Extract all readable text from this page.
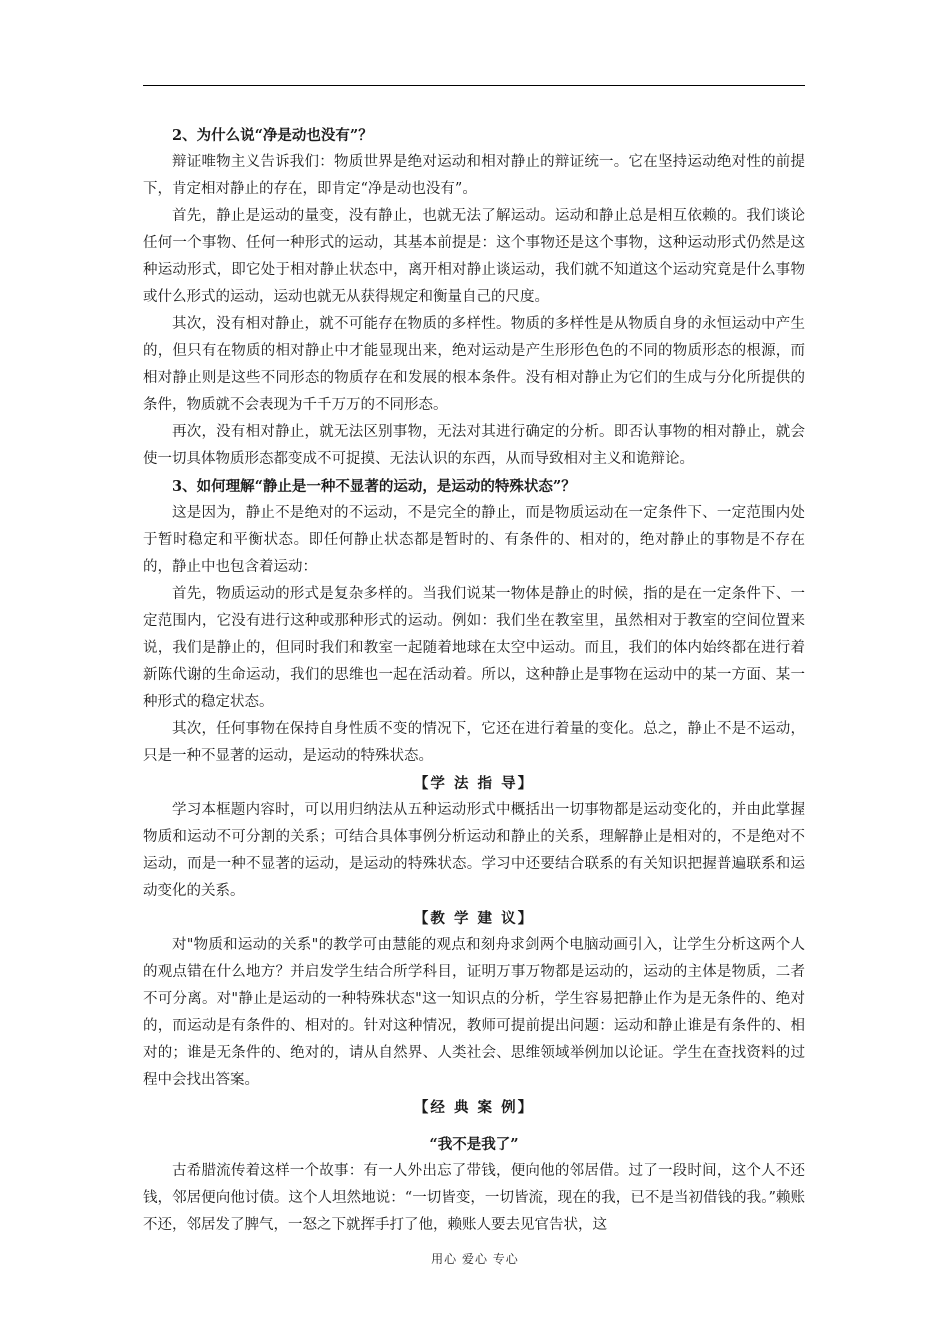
2、为什么说“净是动也没有”？

辩证唯物主义告诉我们：物质世界是绝对运动和相对静止的辩证统一。它在坚持运动绝对性的前提下，肯定相对静止的存在，即肯定“净是动也没有”。

首先，静止是运动的量变，没有静止，也就无法了解运动。运动和静止总是相互依赖的。我们谈论任何一个事物、任何一种形式的运动，其基本前提是：这个事物还是这个事物，这种运动形式仍然是这种运动形式，即它处于相对静止状态中，离开相对静止谈运动，我们就不知道这个运动究竟是什么事物或什么形式的运动，运动也就无从获得规定和衡量自己的尺度。

其次，没有相对静止，就不可能存在物质的多样性。物质的多样性是从物质自身的永恒运动中产生的，但只有在物质的相对静止中才能显现出来，绝对运动是产生形形色色的不同的物质形态的根源，而相对静止则是这些不同形态的物质存在和发展的根本条件。没有相对静止为它们的生成与分化所提供的条件，物质就不会表现为千千万万的不同形态。

再次，没有相对静止，就无法区别事物，无法对其进行确定的分析。即否认事物的相对静止，就会使一切具体物质形态都变成不可捉摸、无法认识的东西，从而导致相对主义和诡辩论。

3、如何理解“静止是一种不显著的运动，是运动的特殊状态”？

这是因为，静止不是绝对的不运动，不是完全的静止，而是物质运动在一定条件下、一定范围内处于暂时稳定和平衡状态。即任何静止状态都是暂时的、有条件的、相对的，绝对静止的事物是不存在的，静止中也包含着运动：

首先，物质运动的形式是复杂多样的。当我们说某一物体是静止的时候，指的是在一定条件下、一定范围内，它没有进行这种或那种形式的运动。例如：我们坐在教室里，虽然相对于教室的空间位置来说，我们是静止的，但同时我们和教室一起随着地球在太空中运动。而且，我们的体内始终都在进行着新陈代谢的生命运动，我们的思维也一起在活动着。所以，这种静止是事物在运动中的某一方面、某一种形式的稳定状态。

其次，任何事物在保持自身性质不变的情况下，它还在进行着量的变化。总之，静止不是不运动，只是一种不显著的运动，是运动的特殊状态。

【学 法 指 导】

学习本框题内容时，可以用归纳法从五种运动形式中概括出一切事物都是运动变化的，并由此掌握物质和运动不可分割的关系；可结合具体事例分析运动和静止的关系，理解静止是相对的，不是绝对不运动，而是一种不显著的运动，是运动的特殊状态。学习中还要结合联系的有关知识把握普遍联系和运动变化的关系。

【教 学 建 议】

对"物质和运动的关系"的教学可由慧能的观点和刻舟求剑两个电脑动画引入，让学生分析这两个人的观点错在什么地方？并启发学生结合所学科目，证明万事万物都是运动的，运动的主体是物质，二者不可分离。对"静止是运动的一种特殊状态"这一知识点的分析，学生容易把静止作为是无条件的、绝对的，而运动是有条件的、相对的。针对这种情况，教师可提前提出问题：运动和静止谁是有条件的、相对的；谁是无条件的、绝对的，请从自然界、人类社会、思维领域举例加以论证。学生在查找资料的过程中会找出答案。

【经 典 案 例】
“我不是我了”

古希腊流传着这样一个故事：有一人外出忘了带钱，便向他的邻居借。过了一段时间，这个人不还钱，邻居便向他讨债。这个人坦然地说：“一切皆变，一切皆流，现在的我，已不是当初借钱的我。”赖账不还，邻居发了脾气，一怒之下就挥手打了他，赖账人要去见官告状，这

用心 爱心 专心
